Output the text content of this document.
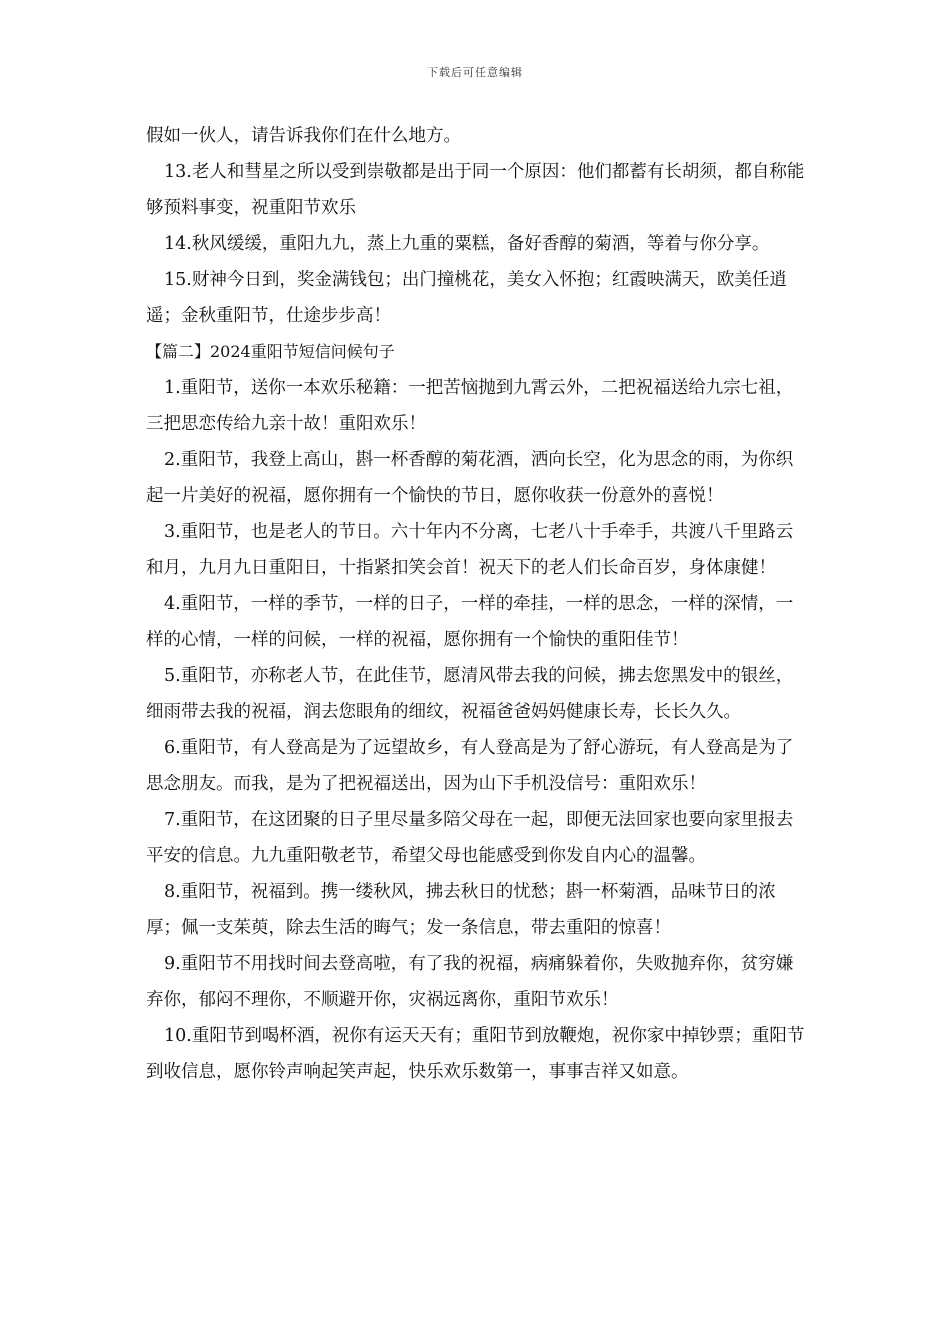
下载后可任意编辑

假如一伙人，请告诉我你们在什么地方。

13.老人和彗星之所以受到崇敬都是出于同一个原因：他们都蓄有长胡须，都自称能够预料事变，祝重阳节欢乐

14.秋风缓缓，重阳九九，蒸上九重的粟糕，备好香醇的菊酒，等着与你分享。

15.财神今日到，奖金满钱包；出门撞桃花，美女入怀抱；红霞映满天，欧美任逍遥；金秋重阳节，仕途步步高！

【篇二】2024重阳节短信问候句子

1.重阳节，送你一本欢乐秘籍：一把苦恼抛到九霄云外，二把祝福送给九宗七祖，三把思恋传给九亲十故！重阳欢乐！

2.重阳节，我登上高山，斟一杯香醇的菊花酒，洒向长空，化为思念的雨，为你织起一片美好的祝福，愿你拥有一个愉快的节日，愿你收获一份意外的喜悦！

3.重阳节，也是老人的节日。六十年内不分离，七老八十手牵手，共渡八千里路云和月，九月九日重阳日，十指紧扣笑会首！祝天下的老人们长命百岁，身体康健！

4.重阳节，一样的季节，一样的日子，一样的牵挂，一样的思念，一样的深情，一样的心情，一样的问候，一样的祝福，愿你拥有一个愉快的重阳佳节！

5.重阳节，亦称老人节，在此佳节，愿清风带去我的问候，拂去您黑发中的银丝，细雨带去我的祝福，润去您眼角的细纹，祝福爸爸妈妈健康长寿，长长久久。

6.重阳节，有人登高是为了远望故乡，有人登高是为了舒心游玩，有人登高是为了思念朋友。而我，是为了把祝福送出，因为山下手机没信号：重阳欢乐！

7.重阳节，在这团聚的日子里尽量多陪父母在一起，即便无法回家也要向家里报去平安的信息。九九重阳敬老节，希望父母也能感受到你发自内心的温馨。

8.重阳节，祝福到。携一缕秋风，拂去秋日的忧愁；斟一杯菊酒，品味节日的浓厚；佩一支茱萸，除去生活的晦气；发一条信息，带去重阳的惊喜！

9.重阳节不用找时间去登高啦，有了我的祝福，病痛躲着你，失败抛弃你，贫穷嫌弃你，郁闷不理你，不顺避开你，灾祸远离你，重阳节欢乐！

10.重阳节到喝杯酒，祝你有运天天有；重阳节到放鞭炮，祝你家中掉钞票；重阳节到收信息，愿你铃声响起笑声起，快乐欢乐数第一，事事吉祥又如意。
